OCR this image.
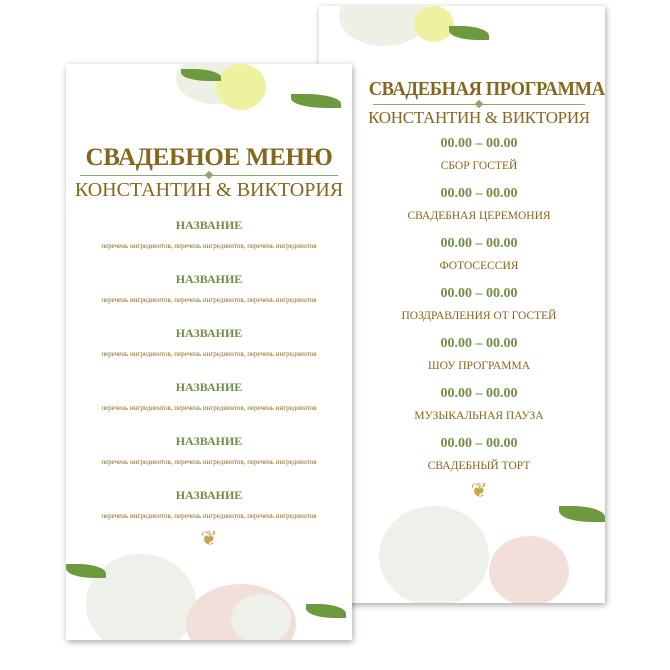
СВАДЕБНАЯ ПРОГРАММА
КОНСТАНТИН & ВИКТОРИЯ
00.00 – 00.00
СБОР ГОСТЕЙ
00.00 – 00.00
СВАДЕБНАЯ ЦЕРЕМОНИЯ
00.00 – 00.00
ФОТОСЕССИЯ
00.00 – 00.00
ПОЗДРАВЛЕНИЯ ОТ ГОСТЕЙ
00.00 – 00.00
ШОУ ПРОГРАММА
00.00 – 00.00
МУЗЫКАЛЬНАЯ ПАУЗА
00.00 – 00.00
СВАДЕБНЫЙ ТОРТ
❦
СВАДЕБНОЕ МЕНЮ
КОНСТАНТИН & ВИКТОРИЯ
НАЗВАНИЕ
перечень ингредиентов, перечень ингредиентов, перечень ингредиентов
НАЗВАНИЕ
перечень ингредиентов, перечень ингредиентов, перечень ингредиентов
НАЗВАНИЕ
перечень ингредиентов, перечень ингредиентов, перечень ингредиентов
НАЗВАНИЕ
перечень ингредиентов, перечень ингредиентов, перечень ингредиентов
НАЗВАНИЕ
перечень ингредиентов, перечень ингредиентов, перечень ингредиентов
НАЗВАНИЕ
перечень ингредиентов, перечень ингредиентов, перечень ингредиентов
❦
